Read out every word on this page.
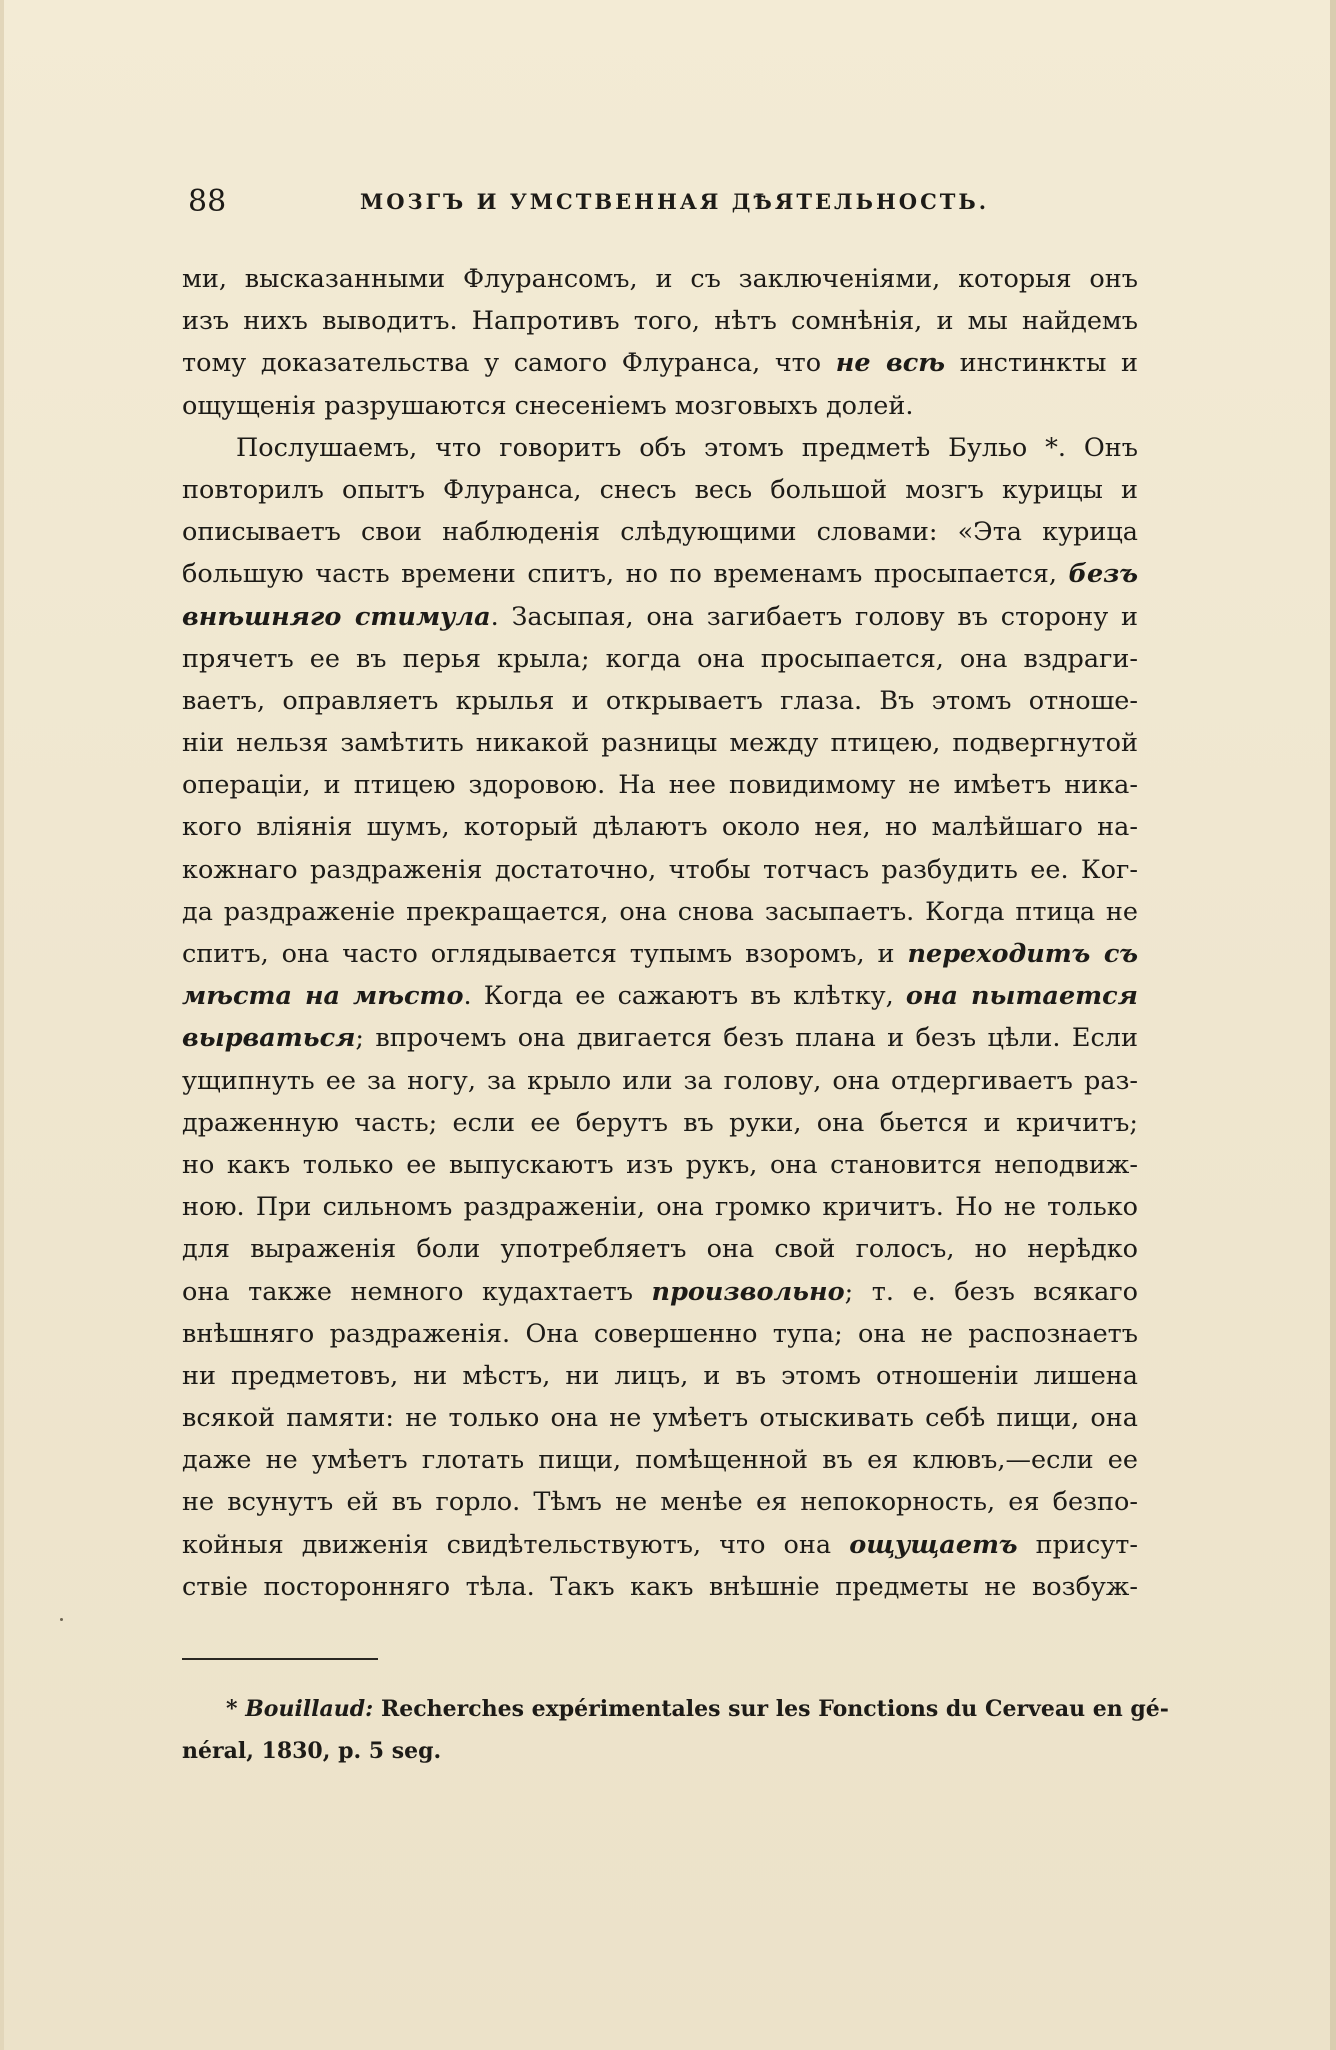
88	МОЗГЪ И УМСТВЕННАЯ ДѢЯТЕЛЬНОСТЬ.
ми, высказанными Флурансомъ, и съ заключеніями, которыя онъ
изъ нихъ выводитъ. Напротивъ того, нѣтъ сомнѣнія, и мы найдемъ
тому доказательства у самого Флуранса, что не всѣ инстинкты и
ощущенія разрушаются снесеніемъ мозговыхъ долей.
Послушаемъ, что говоритъ объ этомъ предметѣ Бульо *. Онъ
повторилъ опытъ Флуранса, снесъ весь большой мозгъ курицы и
описываетъ свои наблюденія слѣдующими словами: «Эта курица
большую часть времени спитъ, но по временамъ просыпается, безъ
внѣшняго стимула. Засыпая, она загибаетъ голову въ сторону и
прячетъ ее въ перья крыла; когда она просыпается, она вздраги-
ваетъ, оправляетъ крылья и открываетъ глаза. Въ этомъ отноше-
ніи нельзя замѣтить никакой разницы между птицею, подвергнутой
операціи, и птицею здоровою. На нее повидимому не имѣетъ ника-
кого вліянія шумъ, который дѣлаютъ около нея, но малѣйшаго на-
кожнаго раздраженія достаточно, чтобы тотчасъ разбудить ее. Ког-
да раздраженіе прекращается, она снова засыпаетъ. Когда птица не
спитъ, она часто оглядывается тупымъ взоромъ, и переходитъ съ
мѣста на мѣсто. Когда ее сажаютъ въ клѣтку, она пытается
вырваться; впрочемъ она двигается безъ плана и безъ цѣли. Если
ущипнуть ее за ногу, за крыло или за голову, она отдергиваетъ раз-
драженную часть; если ее берутъ въ руки, она бьется и кричитъ;
но какъ только ее выпускаютъ изъ рукъ, она становится неподвиж-
ною. При сильномъ раздраженіи, она громко кричитъ. Но не только
для выраженія боли употребляетъ она свой голосъ, но нерѣдко
она также немного кудахтаетъ произвольно; т. е. безъ всякаго
внѣшняго раздраженія. Она совершенно тупа; она не распознаетъ
ни предметовъ, ни мѣстъ, ни лицъ, и въ этомъ отношеніи лишена
всякой памяти: не только она не умѣетъ отыскивать себѣ пищи, она
даже не умѣетъ глотать пищи, помѣщенной въ ея клювъ,—если ее
не всунутъ ей въ горло. Тѣмъ не менѣе ея непокорность, ея безпо-
койныя движенія свидѣтельствуютъ, что она ощущаетъ присут-
ствіе посторонняго тѣла. Такъ какъ внѣшніе предметы не возбуж-
* Bouillaud: Recherches expérimentales sur les Fonctions du Cerveau en gé-
néral, 1830, p. 5 seg.
